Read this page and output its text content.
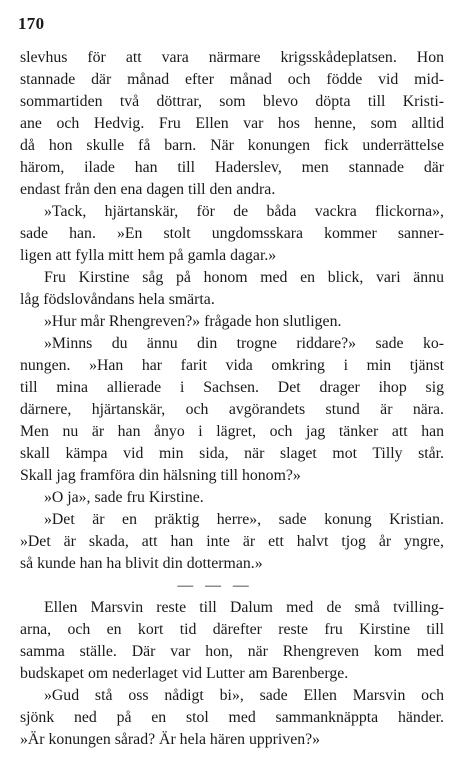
170
slevhus för att vara närmare krigsskådeplatsen. Hon
stannade där månad efter månad och födde vid mid-
sommartiden två döttrar, som blevo döpta till Kristi-
ane och Hedvig. Fru Ellen var hos henne, som alltid
då hon skulle få barn. När konungen fick underrättelse
härom, ilade han till Haderslev, men stannade där
endast från den ena dagen till den andra.
»Tack, hjärtanskär, för de båda vackra flickorna»,
sade han. »En stolt ungdomsskara kommer sanner-
ligen att fylla mitt hem på gamla dagar.»
Fru Kirstine såg på honom med en blick, vari ännu
låg födslovåndans hela smärta.
»Hur mår Rhengreven?» frågade hon slutligen.
»Minns du ännu din trogne riddare?» sade ko-
nungen. »Han har farit vida omkring i min tjänst
till mina allierade i Sachsen. Det drager ihop sig
därnere, hjärtanskär, och avgörandets stund är nära.
Men nu är han ånyo i lägret, och jag tänker att han
skall kämpa vid min sida, när slaget mot Tilly står.
Skall jag framföra din hälsning till honom?»
»O ja», sade fru Kirstine.
»Det är en präktig herre», sade konung Kristian.
»Det är skada, att han inte är ett halvt tjog år yngre,
så kunde han ha blivit din dotterman.»
— — —
Ellen Marsvin reste till Dalum med de små tvilling-
arna, och en kort tid därefter reste fru Kirstine till
samma ställe. Där var hon, när Rhengreven kom med
budskapet om nederlaget vid Lutter am Barenberge.
»Gud stå oss nådigt bi», sade Ellen Marsvin och
sjönk ned på en stol med sammanknäppta händer.
»Är konungen sårad? Är hela hären uppriven?»
